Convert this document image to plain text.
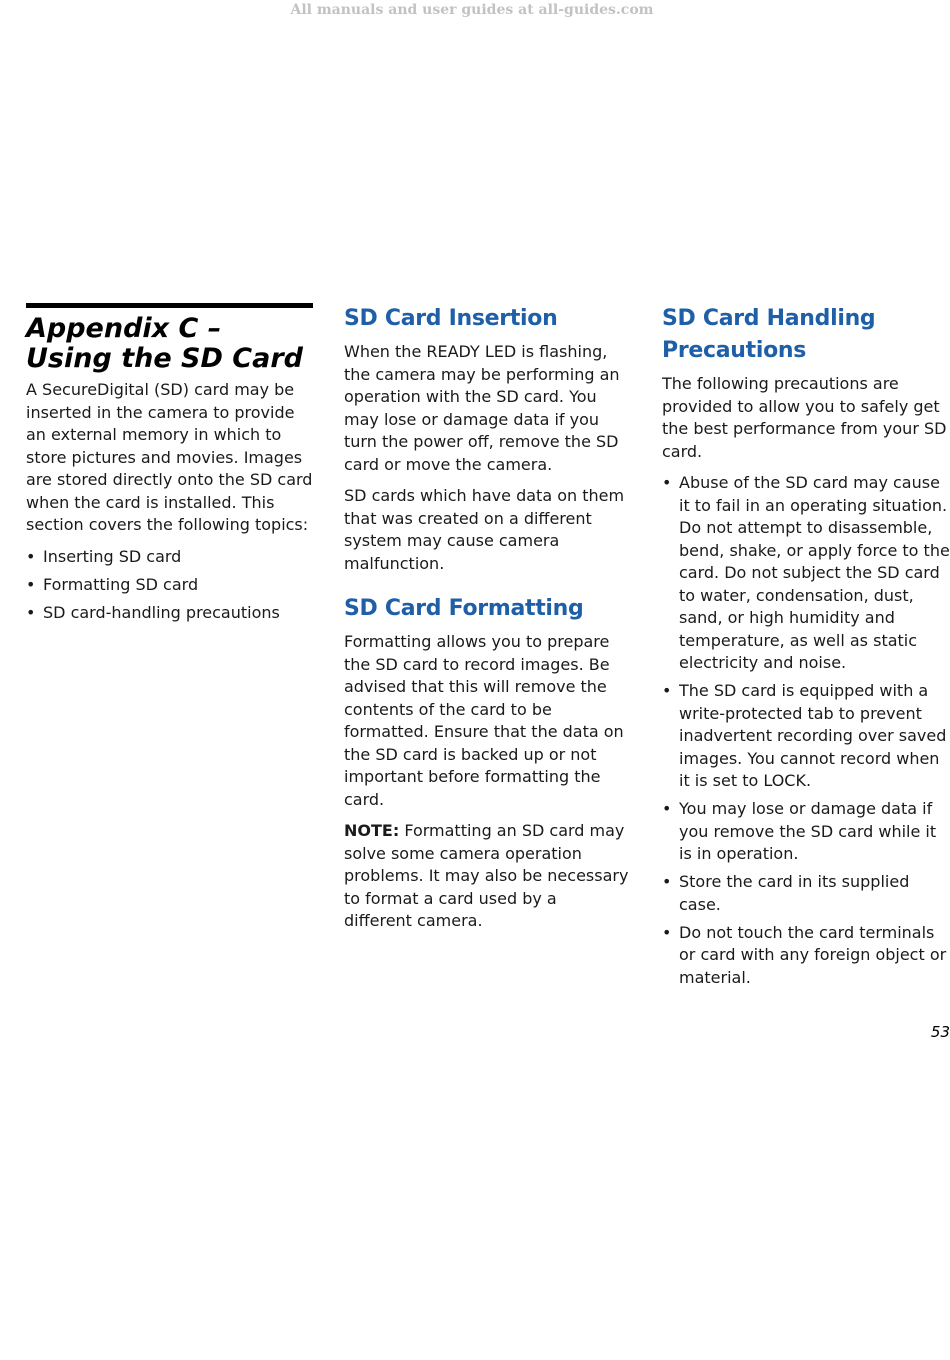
All manuals and user guides at all-guides.com
Appendix C –
Using the SD Card

A SecureDigital (SD) card may be inserted in the camera to provide an external memory in which to store pictures and movies. Images are stored directly onto the SD card when the card is installed. This section covers the following topics:

• Inserting SD card
• Formatting SD card
• SD card-handling precautions
SD Card Insertion

When the READY LED is flashing, the camera may be performing an operation with the SD card. You may lose or damage data if you turn the power off, remove the SD card or move the camera.

SD cards which have data on them that was created on a different system may cause camera malfunction.

SD Card Formatting

Formatting allows you to prepare the SD card to record images. Be advised that this will remove the contents of the card to be formatted. Ensure that the data on the SD card is backed up or not important before formatting the card.

NOTE: Formatting an SD card may solve some camera operation problems. It may also be necessary to format a card used by a different camera.

SD Card Handling Precautions

The following precautions are provided to allow you to safely get the best performance from your SD card.

• Abuse of the SD card may cause it to fail in an operating situation. Do not attempt to disassemble, bend, shake, or apply force to the card. Do not subject the SD card to water, condensation, dust, sand, or high humidity and temperature, as well as static electricity and noise.
• The SD card is equipped with a write-protected tab to prevent inadvertent recording over saved images. You cannot record when it is set to LOCK.
• You may lose or damage data if you remove the SD card while it is in operation.
• Store the card in its supplied case.
• Do not touch the card terminals or card with any foreign object or material.
53
